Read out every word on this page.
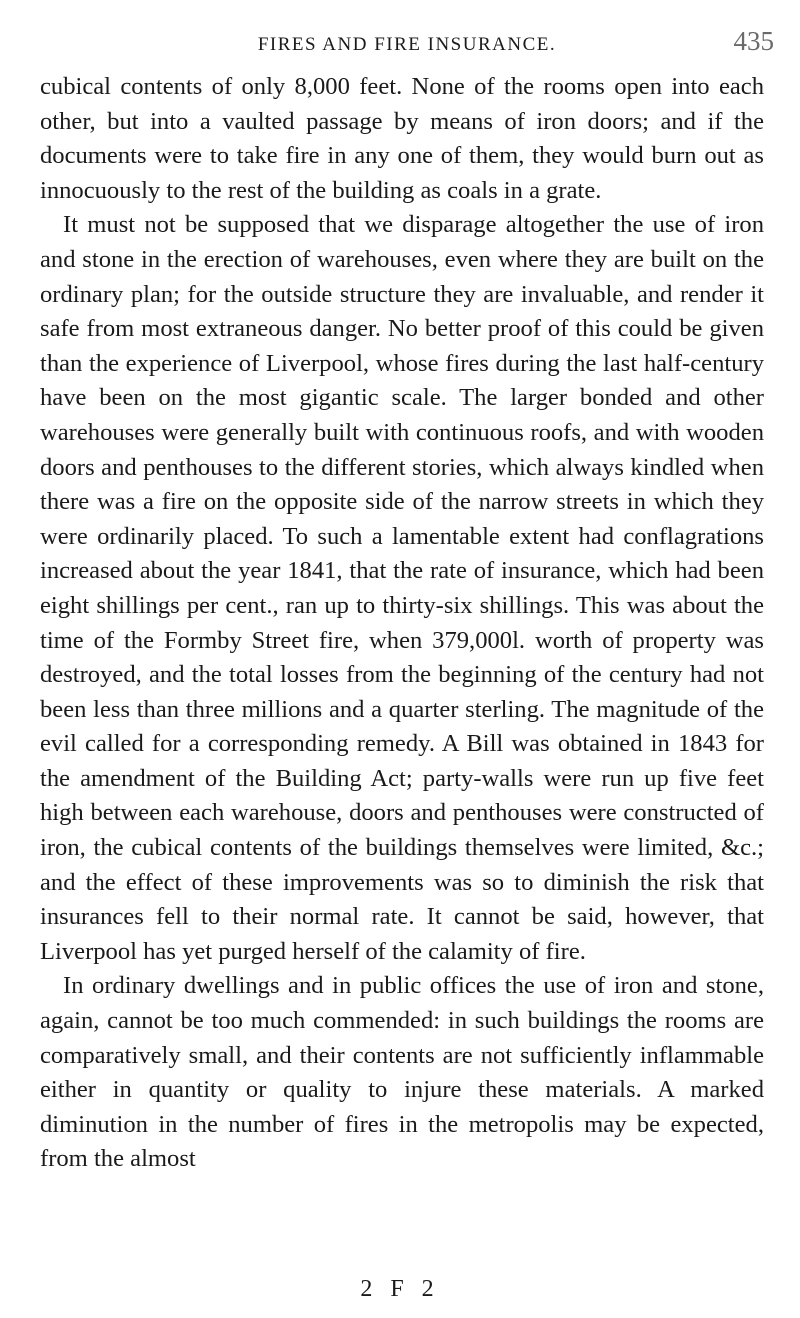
FIRES AND FIRE INSURANCE.	435

cubical contents of only 8,000 feet. None of the rooms open into each other, but into a vaulted passage by means of iron doors; and if the documents were to take fire in any one of them, they would burn out as innocuously to the rest of the building as coals in a grate.

It must not be supposed that we disparage altogether the use of iron and stone in the erection of warehouses, even where they are built on the ordinary plan; for the outside structure they are invaluable, and render it safe from most extraneous danger. No better proof of this could be given than the experience of Liverpool, whose fires during the last half-century have been on the most gigantic scale. The larger bonded and other warehouses were generally built with continuous roofs, and with wooden doors and penthouses to the different stories, which always kindled when there was a fire on the opposite side of the narrow streets in which they were ordinarily placed. To such a lamentable extent had conflagrations increased about the year 1841, that the rate of insurance, which had been eight shillings per cent., ran up to thirty-six shillings. This was about the time of the Formby Street fire, when 379,000l. worth of property was destroyed, and the total losses from the beginning of the century had not been less than three millions and a quarter sterling. The magnitude of the evil called for a corresponding remedy. A Bill was obtained in 1843 for the amendment of the Building Act; party-walls were run up five feet high between each warehouse, doors and penthouses were constructed of iron, the cubical contents of the buildings themselves were limited, &c.; and the effect of these improvements was so to diminish the risk that insurances fell to their normal rate. It cannot be said, however, that Liverpool has yet purged herself of the calamity of fire.

In ordinary dwellings and in public offices the use of iron and stone, again, cannot be too much commended: in such buildings the rooms are comparatively small, and their contents are not sufficiently inflammable either in quantity or quality to injure these materials. A marked diminution in the number of fires in the metropolis may be expected, from the almost

2 F 2
